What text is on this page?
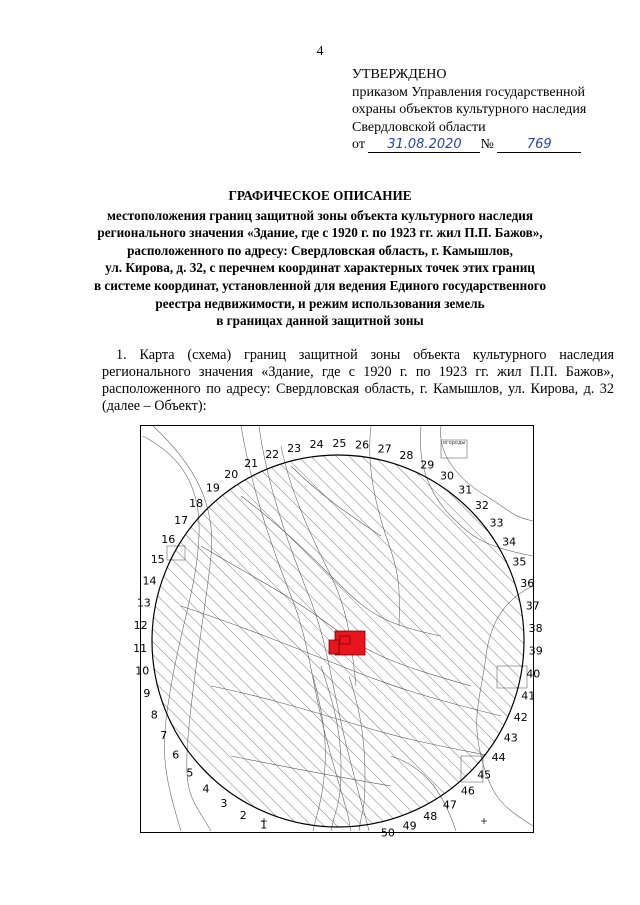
4
УТВЕРЖДЕНО
приказом Управления государственной
охраны объектов культурного наследия
Свердловской области
от 31.08.2020 №	769
ГРАФИЧЕСКОЕ ОПИСАНИЕ
местоположения границ защитной зоны объекта культурного наследия
регионального значения «Здание, где с 1920 г. по 1923 гг. жил П.П. Бажов»,
расположенного по адресу: Свердловская область, г. Камышлов,
ул. Кирова, д. 32, с перечнем координат характерных точек этих границ
в системе координат, установленной для ведения Единого государственного
реестра недвижимости, и режим использования земель
в границах данной защитной зоны
1. Карта (схема) границ защитной зоны объекта культурного наследия
регионального значения «Здание, где с 1920 г. по 1923 гг. жил П.П. Бажов»,
расположенного по адресу: Свердловская область, г. Камышлов, ул. Кирова, д. 32
(далее – Объект):
огороды
1
2
3
4
5
6
7
8
9
10
11
12
13
14
15
16
17
18
19
20
21
22 23 24 25 26 27
28
29
30
31
32
33
34
35
36
37
38
39
40
41
42
43
44
45
46
47
48
49
50
